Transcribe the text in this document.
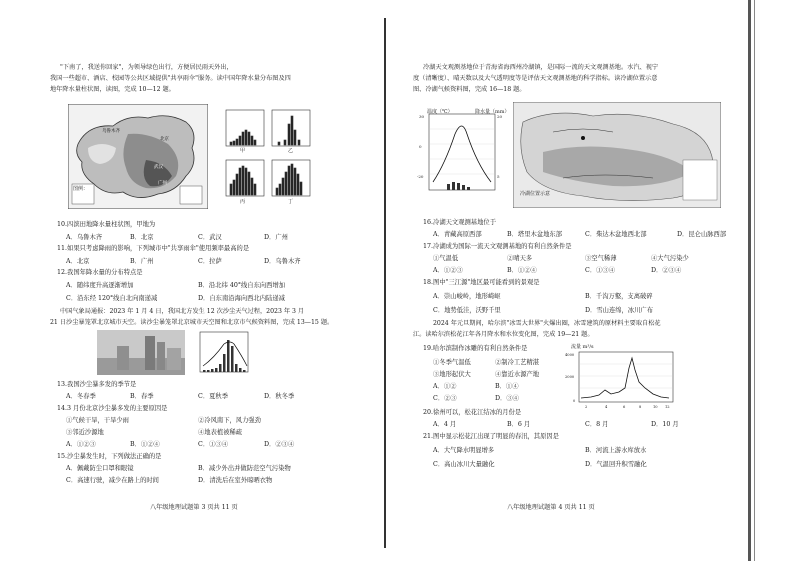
"下南了，我送你回家"，为领导绿色出行，方便居民雨天外出，
我国一些超市、酒店、校园等公共区域提供"共享雨伞"服务。读中国年降水量分布图及四
地年降水量柱状图，读图，完成 10—12 题。
乌鲁木齐
北京
武汉
广州
图例：
甲	乙
丙	丁
10.四滨田地降水量柱状图，甲地为
A．乌鲁木齐	B．北京	C．武汉	D．广州
11.如果只考虑降雨的影响，下列城市中"共享雨伞"使用频率最高的是
A．北京	B．广州	C．拉萨	D．乌鲁木齐
12.我国年降水量的分布特点是
A．随纬度升高逐渐增加	B．沿北纬 40°线自东向西增加
C．沿东经 120°线自北向南递减	D．自东南沿海向西北内陆递减
中国气象局通报：2023 年 1 月 4 日，我国北方发生 12 次沙尘天气过程，2023 年 3 月
21 日沙尘暴笼罩北京城市天空。读沙尘暴笼罩北京城市天空图和北京市气候资料图，完成 13—15 题。
13.我国沙尘暴多发的季节是
A．冬春季	B．春季	C．夏秋季	D．秋冬季
14.3 月份北京沙尘暴多发的主要原因是
①气候干旱，干旱少雨	②冷风南下，风力强劲
③邻近沙源地	④地表植被稀疏
A．①②③	B．①②④	C．①③④	D．②③④
15.沙尘暴发生时，下列做法正确的是
A．佩戴防尘口罩和眼镜	B．减少外出并做防范空气污染物
C．高速行驶，减少在路上的时间	D．清洗后在室外晾晒衣物
八年级地理试题第 3 页共 11 页
冷湖天文观测基地位于青海省海西州冷湖镇，是国际一流的天文观测基地。水汽、视宁
度（清晰度）、晴天数以及大气透明度等是评估天文观测基地的科学指标。读冷湖位置示意
图、冷湖气候资料图，完成 16—18 题。
30
0
-20
20
5
温度（℃）	降水量（mm）
冷湖位置示意
16.冷湖天文观测基地位于
A．青藏高原西部	B．塔里木盆地东部	C．柴达木盆地西北部	D．昆仑山脉西部
17.冷湖成为国际一流天文观测基地的有利自然条件是
①气温低	②晴天多	③空气稀薄	④大气污染少
A．①②③	B．①②④	C．①③④	D．②③④
18.图中"三江源"地区最可能看到的景观是
A．崇山峻岭，地形崎岖	B．千沟万壑，支离破碎
C．地势低洼，沃野千里	D．雪山连绵，冰川广布
2024 年元旦期间，哈尔滨"冰雪大世界"火爆出圈，冰雪建筑的原材料主要取自松花
江。读哈尔滨松花江年各月降水和水位变化图，完成 19—21 题。
19.哈尔滨制作冰雕的有利自然条件是
①冬季气温低	②制冷工艺精湛
③地形起伏大	④靠近水源产地
A．①②	B．①④
C．②③	D．③④
4000
2000
0
2	4	6	8	10 12
流量 m³/s
20.徐州可以，松花江结冰的月份是
A．4 月	B．6 月	C．8 月	D．10 月
21.图中显示松花江出现了明显的春汛，其原因是
A．大气降水明显增多	B．河流上游水库放水
C．高山冰川大量融化	D．气温回升积雪融化
八年级地理试题第 4 页共 11 页
